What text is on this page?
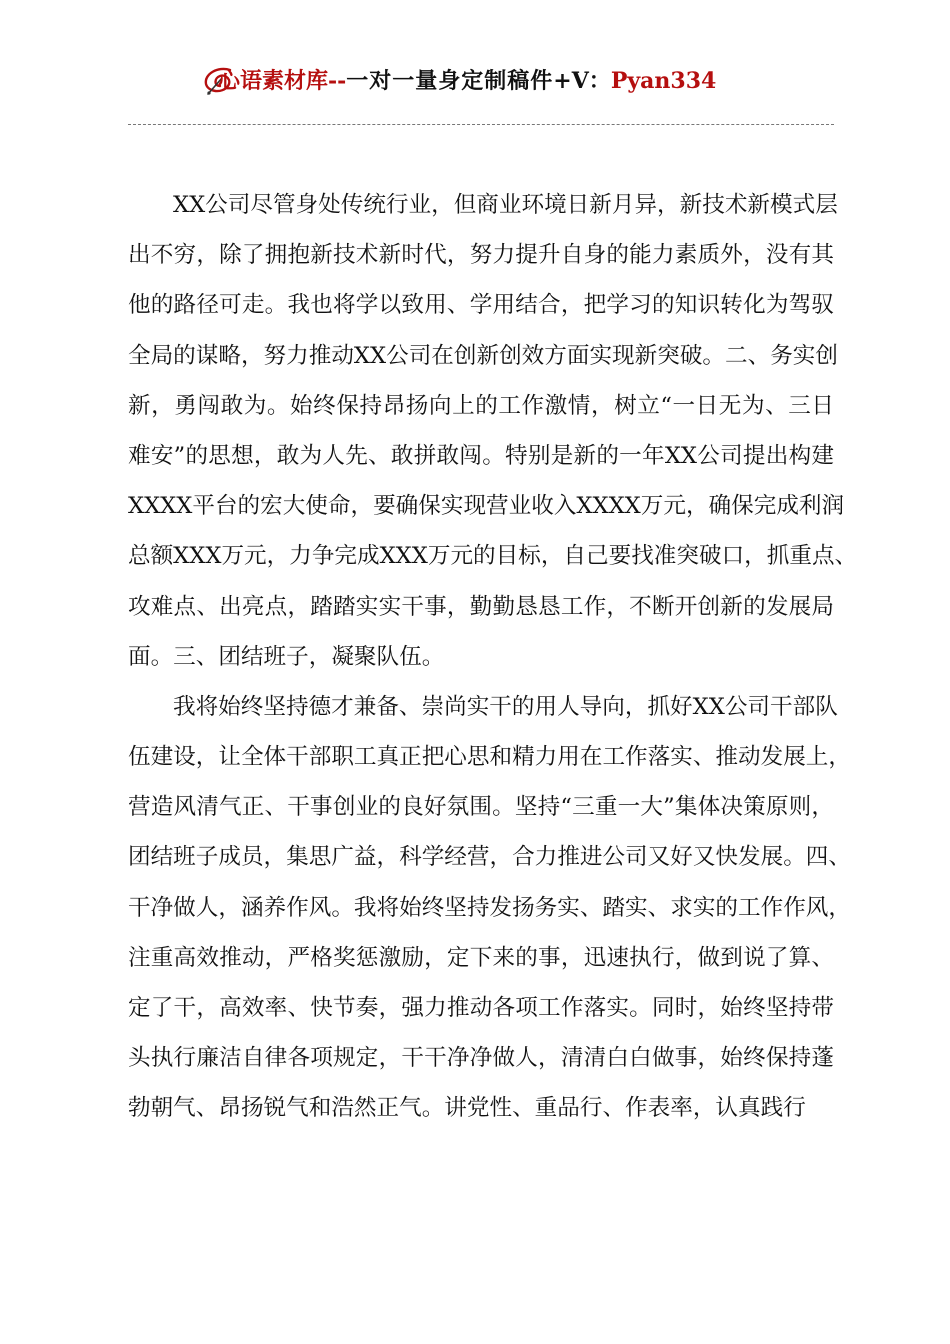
心语素材库--一对一量身定制稿件+V：Pyan334
XX公司尽管身处传统行业，但商业环境日新月异，新技术新模式层
出不穷，除了拥抱新技术新时代，努力提升自身的能力素质外，没有其
他的路径可走。我也将学以致用、学用结合，把学习的知识转化为驾驭
全局的谋略，努力推动XX公司在创新创效方面实现新突破。二、务实创
新，勇闯敢为。始终保持昂扬向上的工作激情，树立“一日无为、三日
难安”的思想，敢为人先、敢拼敢闯。特别是新的一年XX公司提出构建
XXXX平台的宏大使命，要确保实现营业收入XXXX万元，确保完成利润
总额XXX万元，力争完成XXX万元的目标，自己要找准突破口，抓重点、
攻难点、出亮点，踏踏实实干事，勤勤恳恳工作，不断开创新的发展局
面。三、团结班子，凝聚队伍。
我将始终坚持德才兼备、崇尚实干的用人导向，抓好XX公司干部队
伍建设，让全体干部职工真正把心思和精力用在工作落实、推动发展上，
营造风清气正、干事创业的良好氛围。坚持“三重一大”集体决策原则，
团结班子成员，集思广益，科学经营，合力推进公司又好又快发展。四、
干净做人，涵养作风。我将始终坚持发扬务实、踏实、求实的工作作风，
注重高效推动，严格奖惩激励，定下来的事，迅速执行，做到说了算、
定了干，高效率、快节奏，强力推动各项工作落实。同时，始终坚持带
头执行廉洁自律各项规定，干干净净做人，清清白白做事，始终保持蓬
勃朝气、昂扬锐气和浩然正气。讲党性、重品行、作表率，认真践行
